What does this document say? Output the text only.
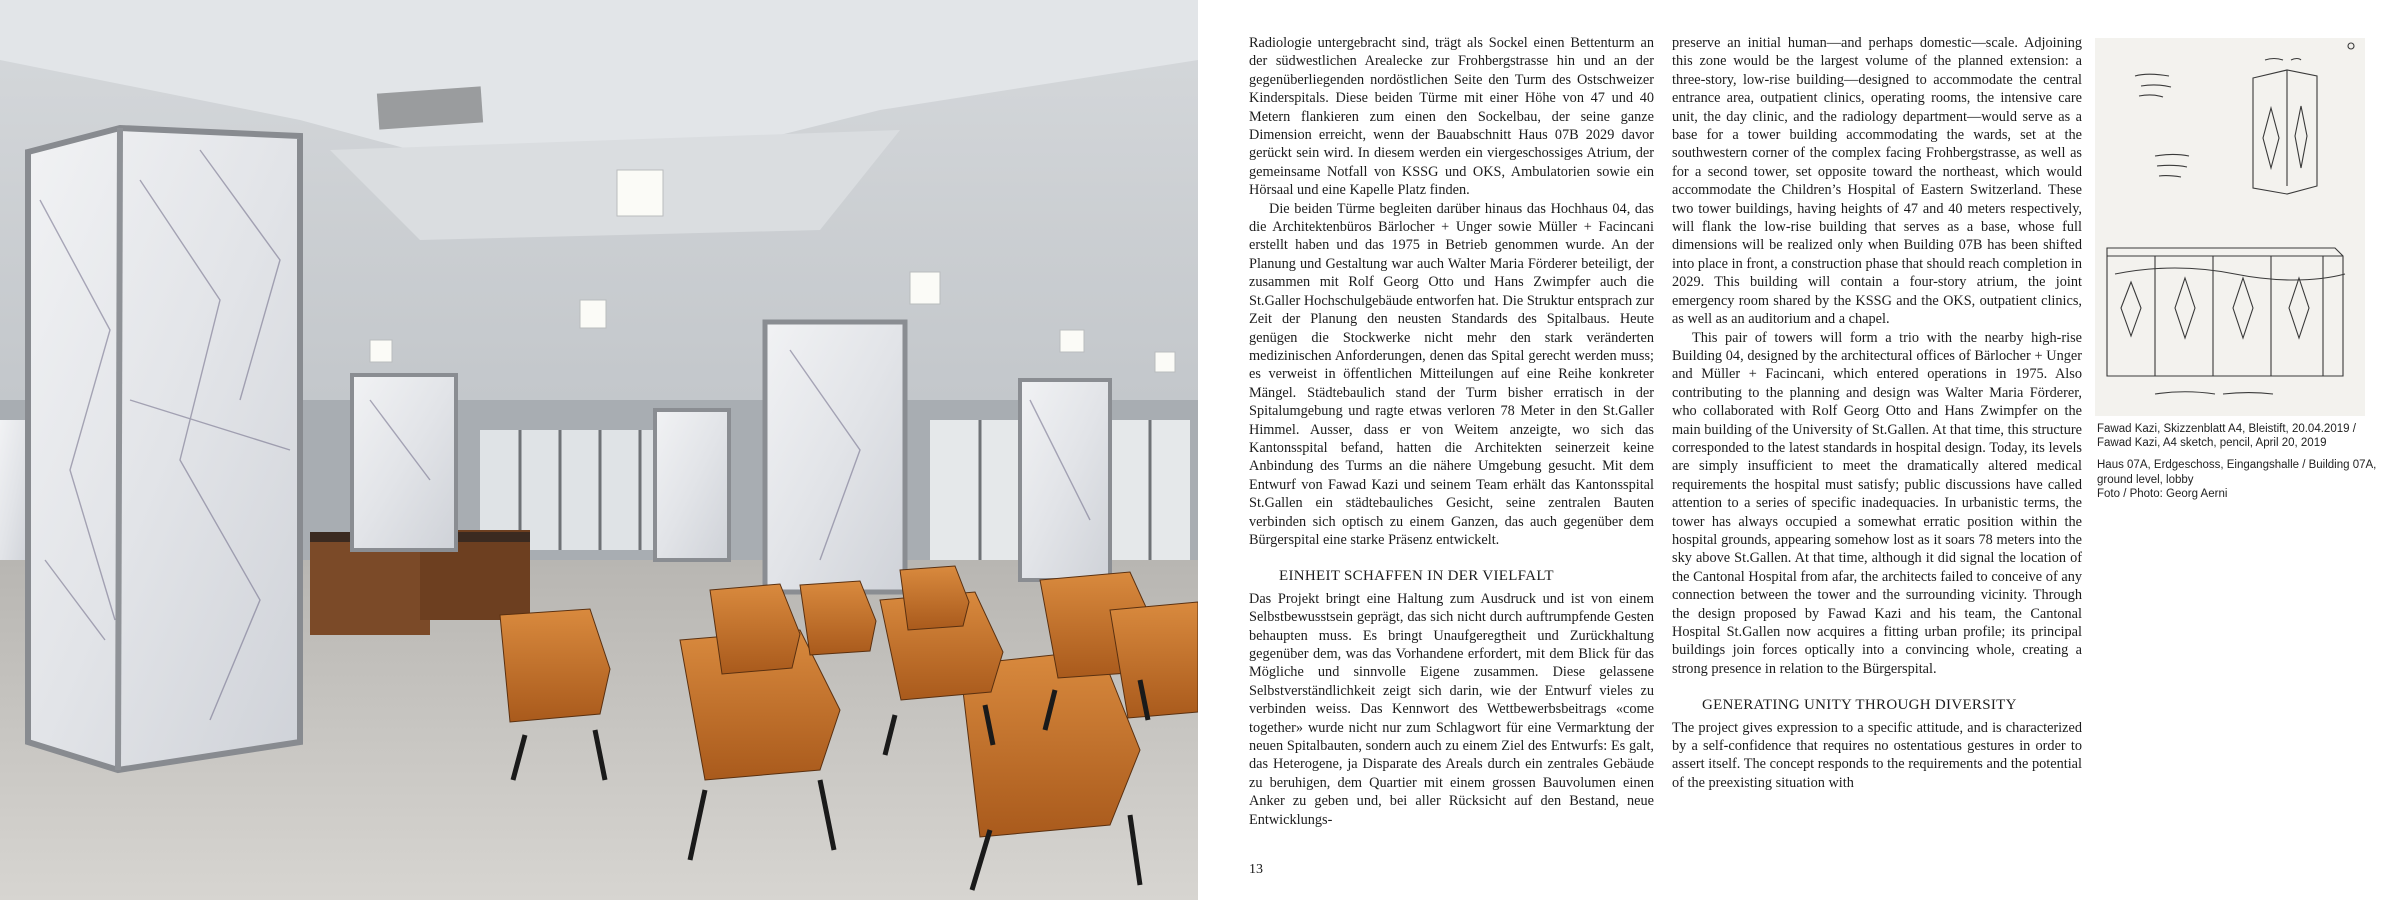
Radiologie untergebracht sind, trägt als Sockel einen Bettenturm an der südwestlichen Arealecke zur Frohbergstrasse hin und an der gegenüberliegenden nordöstlichen Seite den Turm des Ostschweizer Kinderspitals. Diese beiden Türme mit einer Höhe von 47 und 40 Metern flankieren zum einen den Sockelbau, der seine ganze Dimension erreicht, wenn der Bauabschnitt Haus 07B 2029 davor gerückt sein wird. In diesem werden ein viergeschossiges Atrium, der gemeinsame Notfall von KSSG und OKS, Ambulatorien sowie ein Hörsaal und eine Kapelle Platz finden.

Die beiden Türme begleiten darüber hinaus das Hochhaus 04, das die Architektenbüros Bärlocher + Unger sowie Müller + Facincani erstellt haben und das 1975 in Betrieb genommen wurde. An der Planung und Gestaltung war auch Walter Maria Förderer beteiligt, der zusammen mit Rolf Georg Otto und Hans Zwimpfer auch die St.Galler Hochschulgebäude entworfen hat. Die Struktur entsprach zur Zeit der Planung den neusten Standards des Spitalbaus. Heute genügen die Stockwerke nicht mehr den stark veränderten medizinischen Anforderungen, denen das Spital gerecht werden muss; es verweist in öffentlichen Mitteilungen auf eine Reihe konkreter Mängel. Städtebaulich stand der Turm bisher erratisch in der Spitalumgebung und ragte etwas verloren 78 Meter in den St.Galler Himmel. Ausser, dass er von Weitem anzeigte, wo sich das Kantonsspital befand, hatten die Architekten seinerzeit keine Anbindung des Turms an die nähere Umgebung gesucht. Mit dem Entwurf von Fawad Kazi und seinem Team erhält das Kantonsspital St.Gallen ein städtebauliches Gesicht, seine zentralen Bauten verbinden sich optisch zu einem Ganzen, das auch gegenüber dem Bürgerspital eine starke Präsenz entwickelt.

EINHEIT SCHAFFEN IN DER VIELFALT

Das Projekt bringt eine Haltung zum Ausdruck und ist von einem Selbstbewusstsein geprägt, das sich nicht durch auftrumpfende Gesten behaupten muss. Es bringt Unaufgeregtheit und Zurückhaltung gegenüber dem, was das Vorhandene erfordert, mit dem Blick für das Mögliche und sinnvolle Eigene zusammen. Diese gelassene Selbstverständlichkeit zeigt sich darin, wie der Entwurf vieles zu verbinden weiss. Das Kennwort des Wettbewerbsbeitrags «come together» wurde nicht nur zum Schlagwort für eine Vermarktung der neuen Spitalbauten, sondern auch zu einem Ziel des Entwurfs: Es galt, das Heterogene, ja Disparate des Areals durch ein zentrales Gebäude zu beruhigen, dem Quartier mit einem grossen Bauvolumen einen Anker zu geben und, bei aller Rücksicht auf den Bestand, neue Entwicklungs-

13

preserve an initial human—and perhaps domestic—scale. Adjoining this zone would be the largest volume of the planned extension: a three-story, low-rise building—designed to accommodate the central entrance area, outpatient clinics, operating rooms, the intensive care unit, the day clinic, and the radiology department—would serve as a base for a tower building accommodating the wards, set at the southwestern corner of the complex facing Frohbergstrasse, as well as for a second tower, set opposite toward the northeast, which would accommodate the Children’s Hospital of Eastern Switzerland. These two tower buildings, having heights of 47 and 40 meters respectively, will flank the low-rise building that serves as a base, whose full dimensions will be realized only when Building 07B has been shifted into place in front, a construction phase that should reach completion in 2029. This building will contain a four-story atrium, the joint emergency room shared by the KSSG and the OKS, outpatient clinics, as well as an auditorium and a chapel.

This pair of towers will form a trio with the nearby high-rise Building 04, designed by the architectural offices of Bärlocher + Unger and Müller + Facincani, which entered operations in 1975. Also contributing to the planning and design was Walter Maria Förderer, who collaborated with Rolf Georg Otto and Hans Zwimpfer on the main building of the University of St.Gallen. At that time, this structure corresponded to the latest standards in hospital design. Today, its levels are simply insufficient to meet the dramatically altered medical requirements the hospital must satisfy; public discussions have called attention to a series of specific inadequacies. In urbanistic terms, the tower has always occupied a somewhat erratic position within the hospital grounds, appearing somehow lost as it soars 78 meters into the sky above St.Gallen. At that time, although it did signal the location of the Cantonal Hospital from afar, the architects failed to conceive of any connection between the tower and the surrounding vicinity. Through the design proposed by Fawad Kazi and his team, the Cantonal Hospital St.Gallen now acquires a fitting urban profile; its principal buildings join forces optically into a convincing whole, creating a strong presence in relation to the Bürgerspital.

GENERATING UNITY THROUGH DIVERSITY

The project gives expression to a specific attitude, and is characterized by a self-confidence that requires no ostentatious gestures in order to assert itself. The concept responds to the requirements and the potential of the preexisting situation with

Fawad Kazi, Skizzenblatt A4, Bleistift, 20.04.2019 / Fawad Kazi, A4 sketch, pencil, April 20, 2019

Haus 07A, Erdgeschoss, Eingangshalle / Building 07A, ground level, lobby

Foto / Photo: Georg Aerni
